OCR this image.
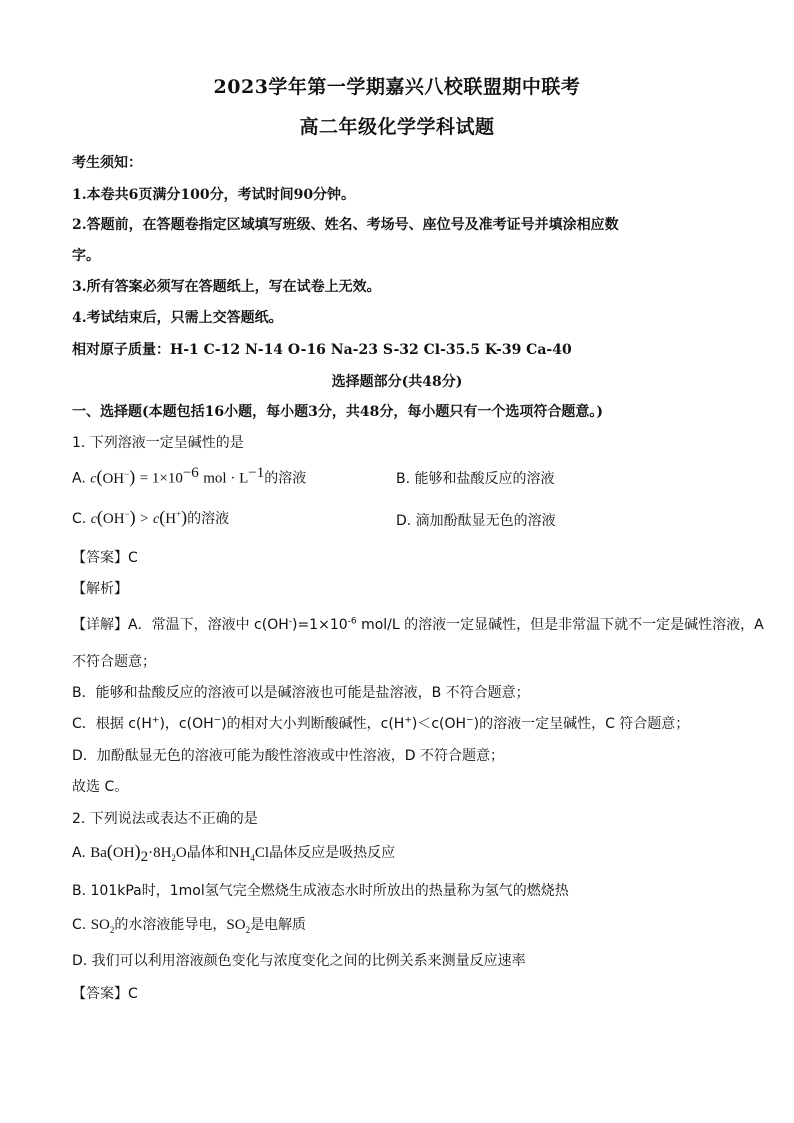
2023学年第一学期嘉兴八校联盟期中联考
高二年级化学学科试题
考生须知：
1.本卷共6页满分100分，考试时间90分钟。
2.答题前，在答题卷指定区域填写班级、姓名、考场号、座位号及准考证号并填涂相应数
字。
3.所有答案必须写在答题纸上，写在试卷上无效。
4.考试结束后，只需上交答题纸。
相对原子质量：H-1 C-12 N-14 O-16 Na-23 S-32 Cl-35.5 K-39 Ca-40
选择题部分(共48分)
一、选择题(本题包括16小题，每小题3分，共48分，每小题只有一个选项符合题意。)
1. 下列溶液一定呈碱性的是
A. $c(OH^-) = 1\times 10^{-6}$ mol · $L^{-1}$的溶液	B. 能够和盐酸反应的溶液
C. c(OH−) > c(H+)的溶液	D. 滴加酚酞显无色的溶液
【答案】C
【解析】
【详解】A．常温下，溶液中 $c(OH^-)=1\times 10^{-6}$ mol/L 的溶液一定显碱性，但是非常温下就不一定是碱性溶液，A
不符合题意；
B．能够和盐酸反应的溶液可以是碱溶液也可能是盐溶液，B 不符合题意；
C．根据 c(H+)，c(OH−)的相对大小判断酸碱性，c(H+)＜c(OH−)的溶液一定呈碱性，C 符合题意；
D．加酚酞显无色的溶液可能为酸性溶液或中性溶液，D 不符合题意；
故选 C。
2. 下列说法或表达不正确的是
A. $Ba(OH)_2\cdot 8H_2O$晶体和$NH_4Cl$晶体反应是吸热反应
B. 101kPa时，1mol氢气完全燃烧生成液态水时所放出的热量称为氢气的燃烧热
C. $SO_2$的水溶液能导电，$SO_2$是电解质
D. 我们可以利用溶液颜色变化与浓度变化之间的比例关系来测量反应速率
【答案】C
